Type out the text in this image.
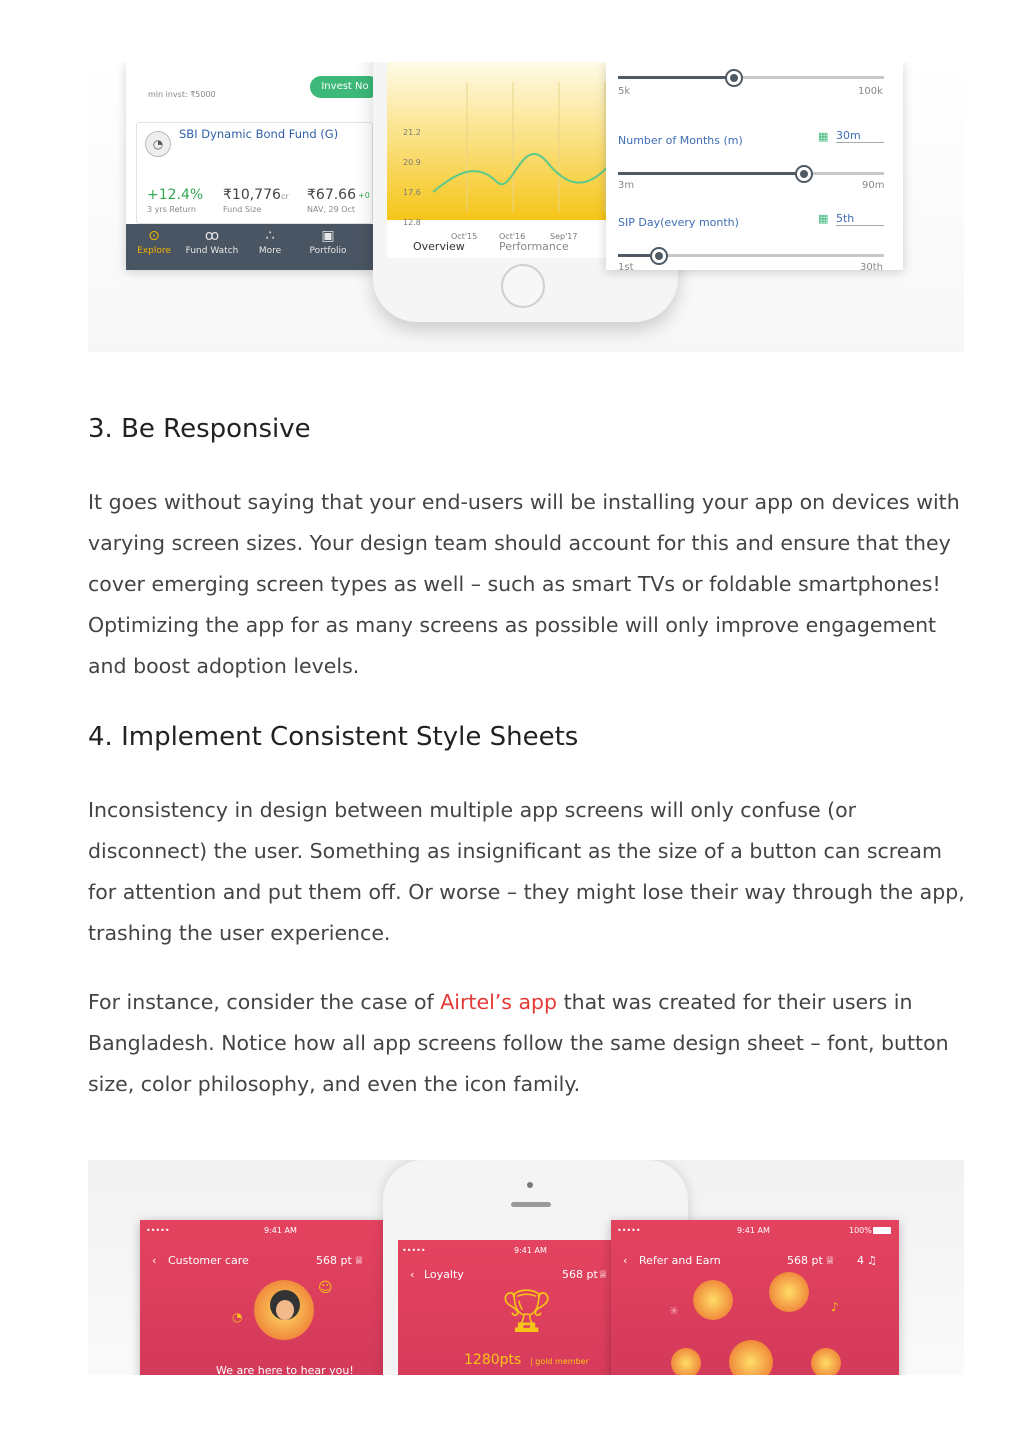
min invst: ₹5000
Invest No
◔
SBI Dynamic Bond Fund (G)
+12.4%
3 yrs Return
₹10,776 cr
Fund Size
₹67.66 +0
NAV, 29 Oct
⊙
Explore
ꝏ
Fund Watch
∴
More
▣
Portfolio
21.2
20.9
17.6
12.8
Oct'15	Oct'16	Sep'17
Overview	Performance
5k	100k
Number of Months (m)	▦ 30m
3m	90m
SIP Day(every month)	▦ 5th
1st	30th
3. Be Responsive

It goes without saying that your end-users will be installing your app on devices with varying screen sizes. Your design team should account for this and ensure that they cover emerging screen types as well – such as smart TVs or foldable smartphones! Optimizing the app for as many screens as possible will only improve engagement and boost adoption levels.

4. Implement Consistent Style Sheets

Inconsistency in design between multiple app screens will only confuse (or disconnect) the user. Something as insignificant as the size of a button can scream for attention and put them off. Or worse – they might lose their way through the app, trashing the user experience.

For instance, consider the case of Airtel’s app that was created for their users in Bangladesh. Notice how all app screens follow the same design sheet – font, button size, color philosophy, and even the icon family.

•••••	9:41 AM
‹ Customer care	568 pt ♕
☺
◔
We are here to hear you!
•••••	9:41 AM
‹ Loyalty	568 pt ♕
🏆︎
1280pts | gold member
•••••	9:41 AM	100%
‹ Refer and Earn	568 pt ♕ 4 ♫
✳	♪
